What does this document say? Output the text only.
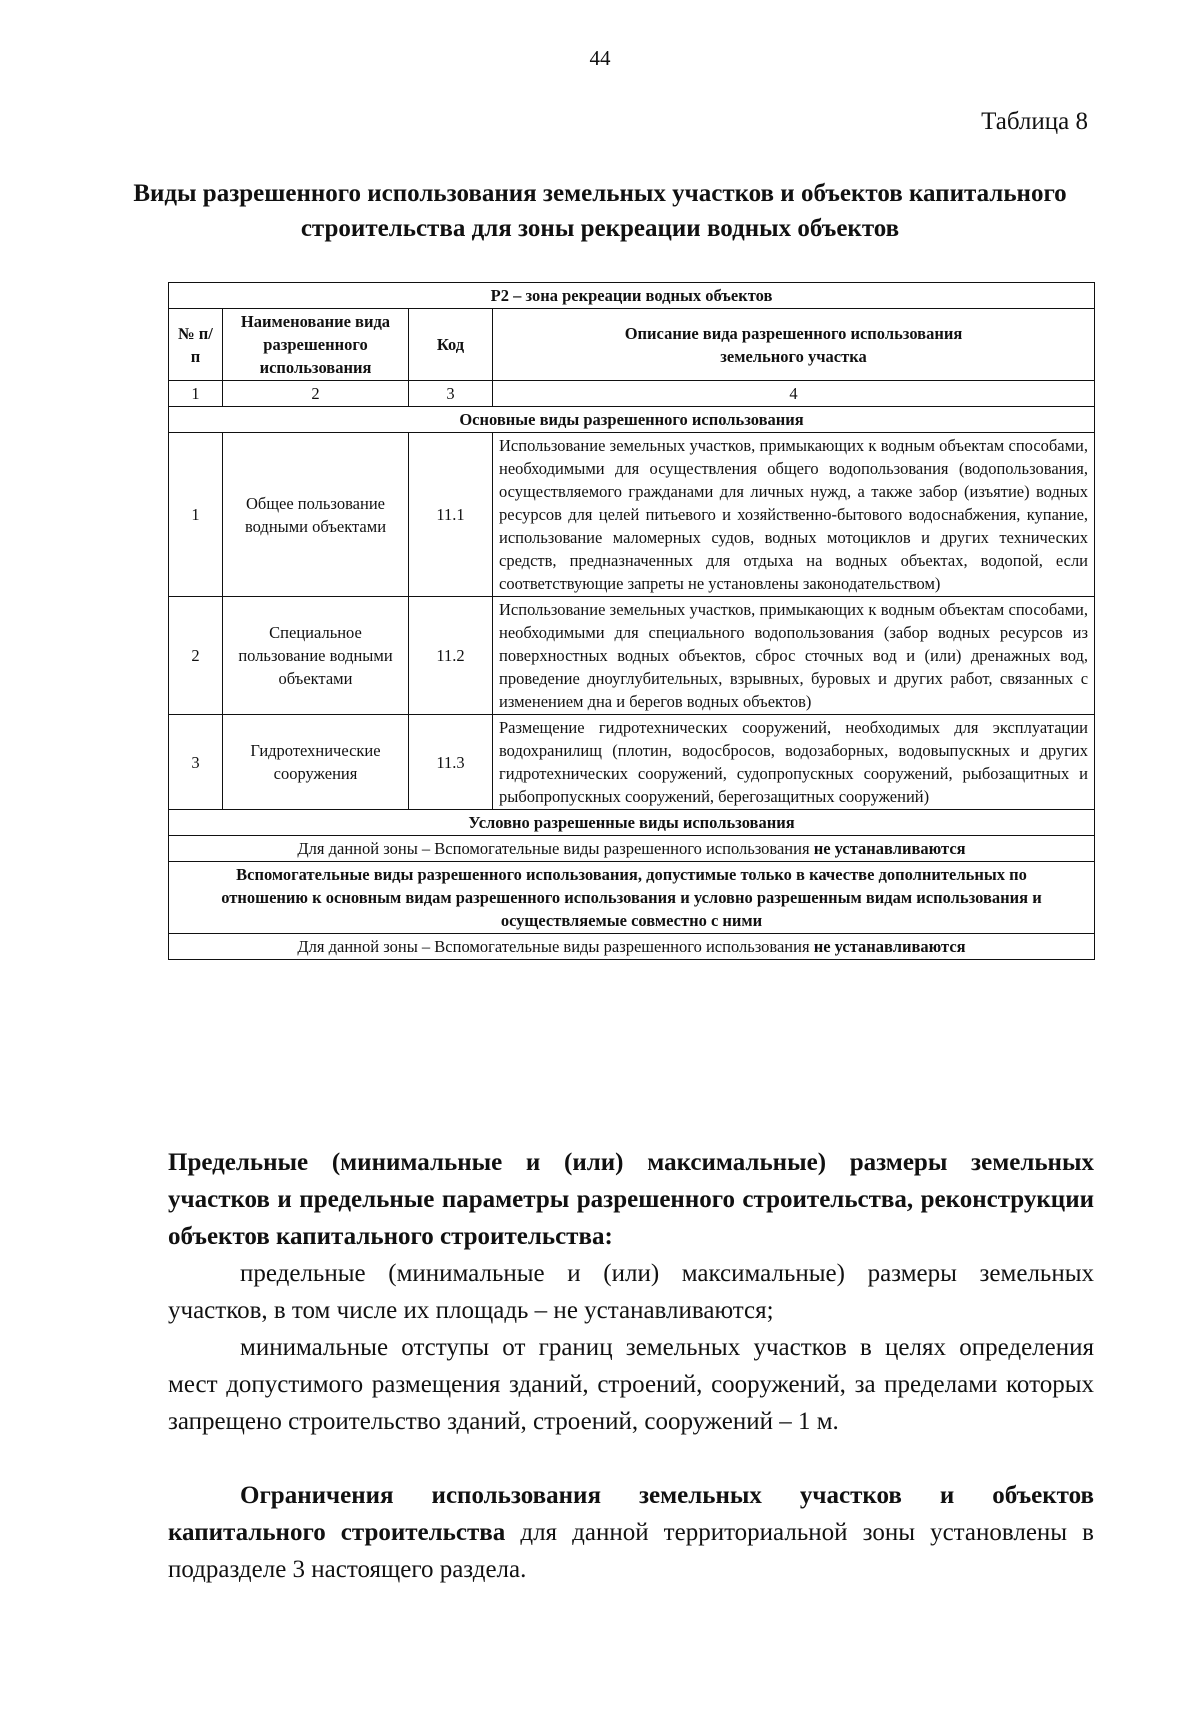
44
Таблица 8
Виды разрешенного использования земельных участков и объектов капитального строительства для зоны рекреации водных объектов
Р2 – зона рекреации водных объектов			
№ п/п	Наименование вида разрешенного использования	Код	Описание вида разрешенного использования земельного участка
1	2	3	4
Основные виды разрешенного использования			
1	Общее пользование водными объектами	11.1	Использование земельных участков, примыкающих к водным объектам способами, необходимыми для осуществления общего водопользования (водопользования, осуществляемого гражданами для личных нужд, а также забор (изъятие) водных ресурсов для целей питьевого и хозяйственно-бытового водоснабжения, купание, использование маломерных судов, водных мотоциклов и других технических средств, предназначенных для отдыха на водных объектах, водопой, если соответствующие запреты не установлены законодательством)
2	Специальное пользование водными объектами	11.2	Использование земельных участков, примыкающих к водным объектам способами, необходимыми для специального водопользования (забор водных ресурсов из поверхностных водных объектов, сброс сточных вод и (или) дренажных вод, проведение дноуглубительных, взрывных, буровых и других работ, связанных с изменением дна и берегов водных объектов)
3	Гидротехнические сооружения	11.3	Размещение гидротехнических сооружений, необходимых для эксплуатации водохранилищ (плотин, водосбросов, водозаборных, водовыпускных и других гидротехнических сооружений, судопропускных сооружений, рыбозащитных и рыбопропускных сооружений, берегозащитных сооружений)
Условно разрешенные виды использования			
Для данной зоны – Вспомогательные виды разрешенного использования не устанавливаются			
Вспомогательные виды разрешенного использования, допустимые только в качестве дополнительных по отношению к основным видам разрешенного использования и условно разрешенным видам использования и осуществляемые совместно с ними			
Для данной зоны – Вспомогательные виды разрешенного использования не устанавливаются			

Предельные (минимальные и (или) максимальные) размеры земельных участков и предельные параметры разрешенного строительства, реконструкции объектов капитального строительства:

предельные (минимальные и (или) максимальные) размеры земельных участков, в том числе их площадь – не устанавливаются;

минимальные отступы от границ земельных участков в целях определения мест допустимого размещения зданий, строений, сооружений, за пределами которых запрещено строительство зданий, строений, сооружений – 1 м.

Ограничения использования земельных участков и объектов капитального строительства для данной территориальной зоны установлены в подразделе 3 настоящего раздела.
